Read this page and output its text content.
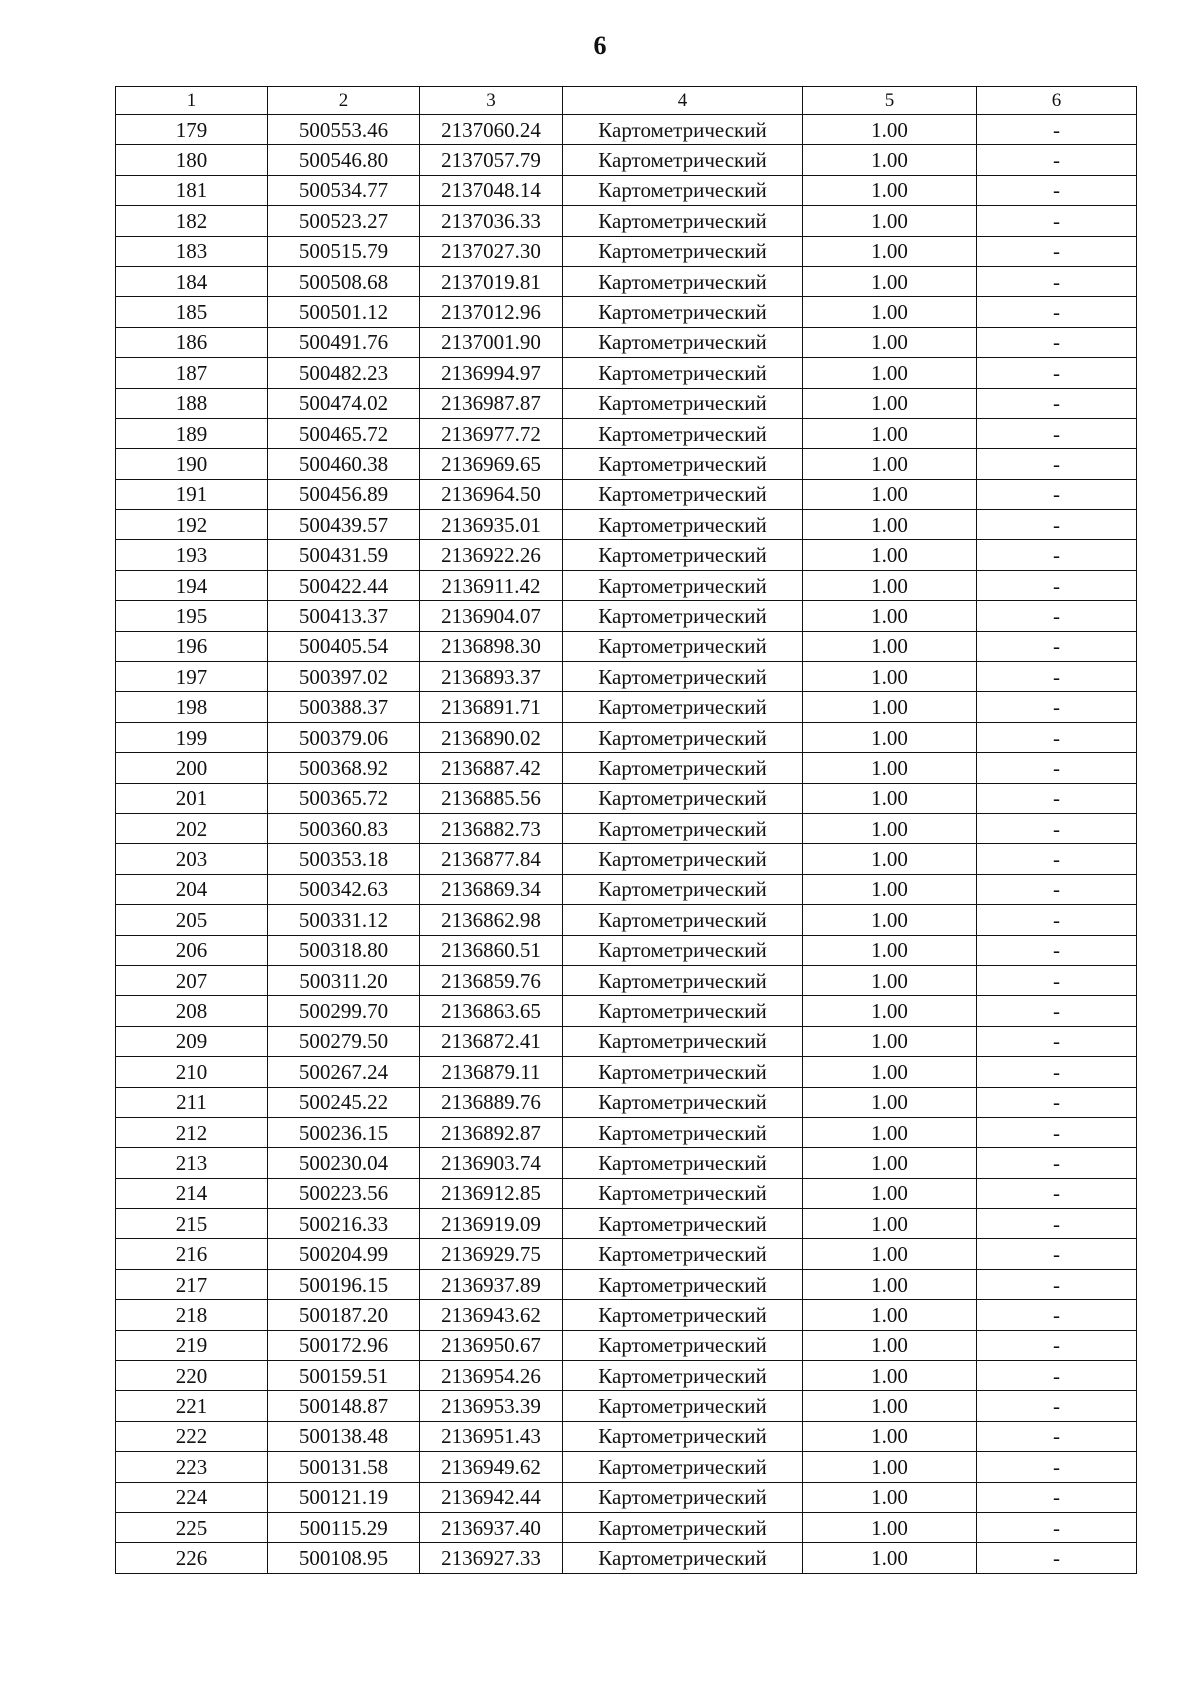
6
1	2	3	4	5	6
179	500553.46	2137060.24	Картометрический	1.00	-
180	500546.80	2137057.79	Картометрический	1.00	-
181	500534.77	2137048.14	Картометрический	1.00	-
182	500523.27	2137036.33	Картометрический	1.00	-
183	500515.79	2137027.30	Картометрический	1.00	-
184	500508.68	2137019.81	Картометрический	1.00	-
185	500501.12	2137012.96	Картометрический	1.00	-
186	500491.76	2137001.90	Картометрический	1.00	-
187	500482.23	2136994.97	Картометрический	1.00	-
188	500474.02	2136987.87	Картометрический	1.00	-
189	500465.72	2136977.72	Картометрический	1.00	-
190	500460.38	2136969.65	Картометрический	1.00	-
191	500456.89	2136964.50	Картометрический	1.00	-
192	500439.57	2136935.01	Картометрический	1.00	-
193	500431.59	2136922.26	Картометрический	1.00	-
194	500422.44	2136911.42	Картометрический	1.00	-
195	500413.37	2136904.07	Картометрический	1.00	-
196	500405.54	2136898.30	Картометрический	1.00	-
197	500397.02	2136893.37	Картометрический	1.00	-
198	500388.37	2136891.71	Картометрический	1.00	-
199	500379.06	2136890.02	Картометрический	1.00	-
200	500368.92	2136887.42	Картометрический	1.00	-
201	500365.72	2136885.56	Картометрический	1.00	-
202	500360.83	2136882.73	Картометрический	1.00	-
203	500353.18	2136877.84	Картометрический	1.00	-
204	500342.63	2136869.34	Картометрический	1.00	-
205	500331.12	2136862.98	Картометрический	1.00	-
206	500318.80	2136860.51	Картометрический	1.00	-
207	500311.20	2136859.76	Картометрический	1.00	-
208	500299.70	2136863.65	Картометрический	1.00	-
209	500279.50	2136872.41	Картометрический	1.00	-
210	500267.24	2136879.11	Картометрический	1.00	-
211	500245.22	2136889.76	Картометрический	1.00	-
212	500236.15	2136892.87	Картометрический	1.00	-
213	500230.04	2136903.74	Картометрический	1.00	-
214	500223.56	2136912.85	Картометрический	1.00	-
215	500216.33	2136919.09	Картометрический	1.00	-
216	500204.99	2136929.75	Картометрический	1.00	-
217	500196.15	2136937.89	Картометрический	1.00	-
218	500187.20	2136943.62	Картометрический	1.00	-
219	500172.96	2136950.67	Картометрический	1.00	-
220	500159.51	2136954.26	Картометрический	1.00	-
221	500148.87	2136953.39	Картометрический	1.00	-
222	500138.48	2136951.43	Картометрический	1.00	-
223	500131.58	2136949.62	Картометрический	1.00	-
224	500121.19	2136942.44	Картометрический	1.00	-
225	500115.29	2136937.40	Картометрический	1.00	-
226	500108.95	2136927.33	Картометрический	1.00	-
